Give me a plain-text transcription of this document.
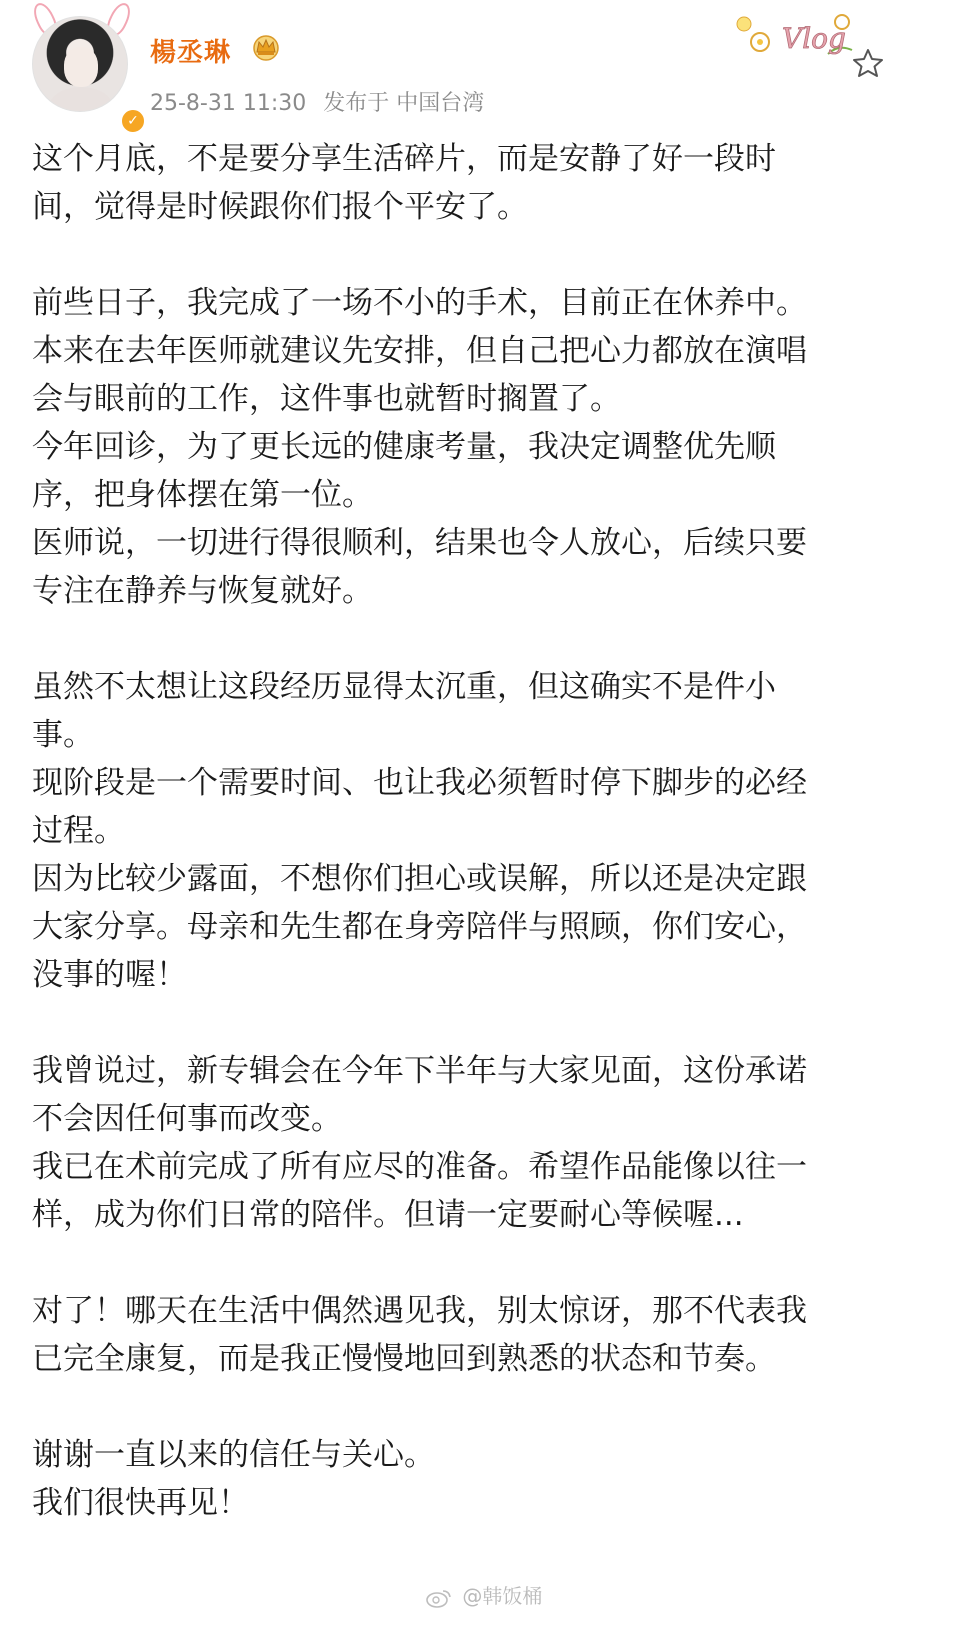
✓
楊丞琳
25-8-31 11:30 发布于 中国台湾
Vlog
这个月底，不是要分享生活碎片，而是安静了好一段时
间，觉得是时候跟你们报个平安了。
前些日子，我完成了一场不小的手术，目前正在休养中。
本来在去年医师就建议先安排，但自己把心力都放在演唱
会与眼前的工作，这件事也就暂时搁置了。
今年回诊，为了更长远的健康考量，我决定调整优先顺
序，把身体摆在第一位。
医师说，一切进行得很顺利，结果也令人放心，后续只要
专注在静养与恢复就好。
虽然不太想让这段经历显得太沉重，但这确实不是件小
事。
现阶段是一个需要时间、也让我必须暂时停下脚步的必经
过程。
因为比较少露面，不想你们担心或误解，所以还是决定跟
大家分享。母亲和先生都在身旁陪伴与照顾，你们安心，
没事的喔！
我曾说过，新专辑会在今年下半年与大家见面，这份承诺
不会因任何事而改变。
我已在术前完成了所有应尽的准备。希望作品能像以往一
样，成为你们日常的陪伴。但请一定要耐心等候喔...
对了！哪天在生活中偶然遇见我，别太惊讶，那不代表我
已完全康复，而是我正慢慢地回到熟悉的状态和节奏。
谢谢一直以来的信任与关心。
我们很快再见！
@韩饭桶
